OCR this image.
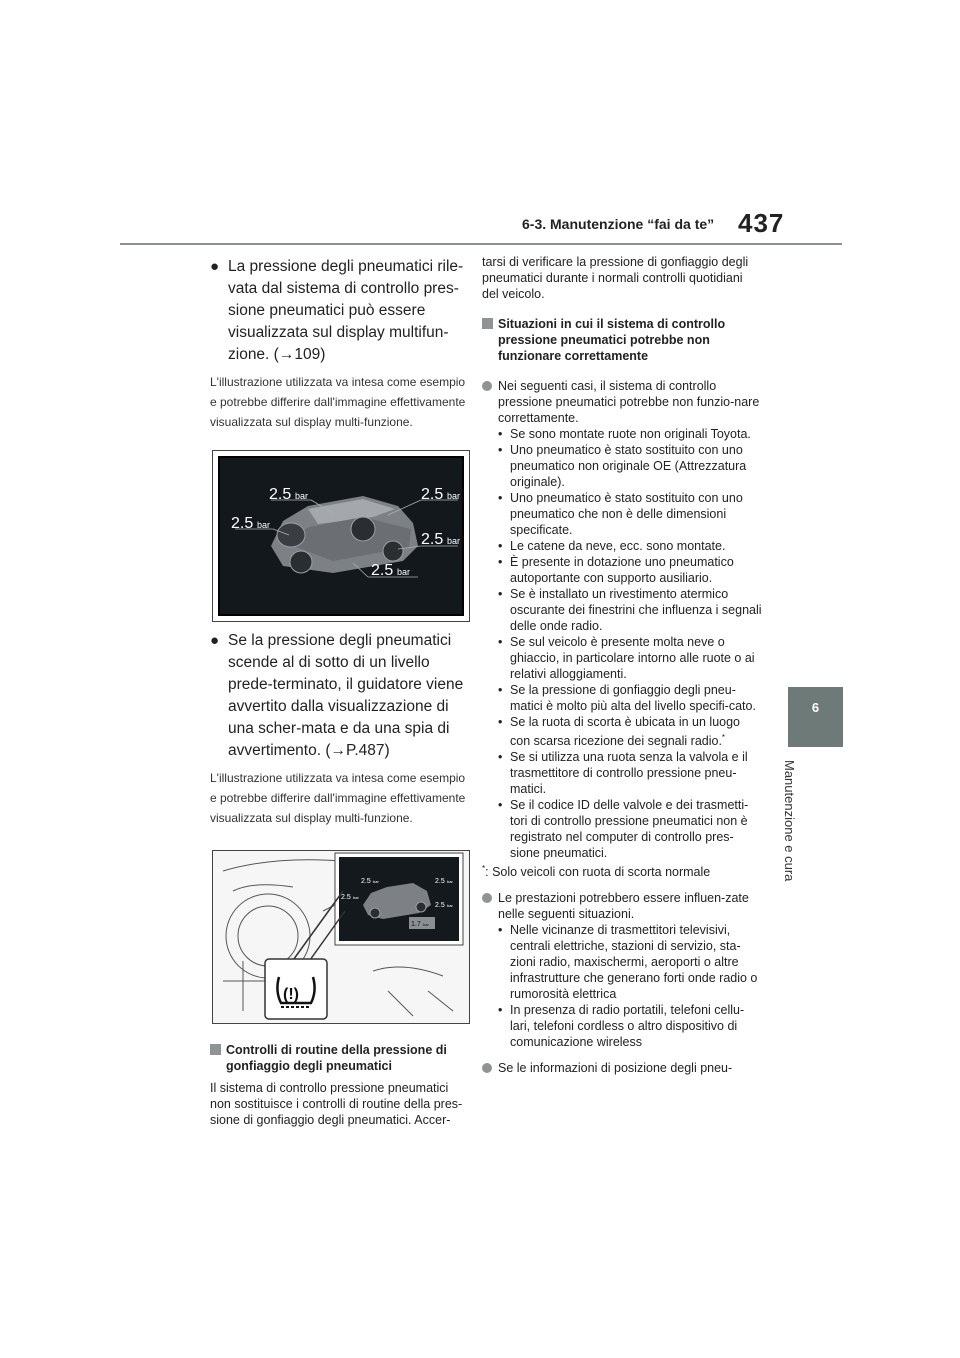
6-3. Manutenzione “fai da te” 437
6
Manutenzione e cura
● La pressione degli pneumatici rile-vata dal sistema di controllo pres-sione pneumatici può essere visualizzata sul display multifun-zione. (→109)
L'illustrazione utilizzata va intesa come esempio e potrebbe differire dall'immagine effettivamente visualizzata sul display multi-funzione.
2.5 bar
2.5 bar
2.5 bar
2.5 bar
2.5 bar
● Se la pressione degli pneumatici scende al di sotto di un livello prede-terminato, il guidatore viene avvertito dalla visualizzazione di una scher-mata e da una spia di avvertimento. (→P.487)
L'illustrazione utilizzata va intesa come esempio e potrebbe differire dall'immagine effettivamente visualizzata sul display multi-funzione.
2.5 bar
2.5 bar
2.5 bar
2.5 bar
1.7 bar
(!)
Controlli di routine della pressione di gonfiaggio degli pneumatici
Il sistema di controllo pressione pneumatici non sostituisce i controlli di routine della pres-sione di gonfiaggio degli pneumatici. Accer-
tarsi di verificare la pressione di gonfiaggio degli pneumatici durante i normali controlli quotidiani del veicolo.
Situazioni in cui il sistema di controllo pressione pneumatici potrebbe non funzionare correttamente
Nei seguenti casi, il sistema di controllo pressione pneumatici potrebbe non funzio-nare correttamente.
• Se sono montate ruote non originali Toyota.
• Uno pneumatico è stato sostituito con uno pneumatico non originale OE (Attrezzatura originale).
• Uno pneumatico è stato sostituito con uno pneumatico che non è delle dimensioni specificate.
• Le catene da neve, ecc. sono montate.
• È presente in dotazione uno pneumatico autoportante con supporto ausiliario.
• Se è installato un rivestimento atermico oscurante dei finestrini che influenza i segnali delle onde radio.
• Se sul veicolo è presente molta neve o ghiaccio, in particolare intorno alle ruote o ai relativi alloggiamenti.
• Se la pressione di gonfiaggio degli pneu-matici è molto più alta del livello specifi-cato.
• Se la ruota di scorta è ubicata in un luogo con scarsa ricezione dei segnali radio.*
• Se si utilizza una ruota senza la valvola e il trasmettitore di controllo pressione pneu-matici.
• Se il codice ID delle valvole e dei trasmetti-tori di controllo pressione pneumatici non è registrato nel computer di controllo pres-sione pneumatici.
*: Solo veicoli con ruota di scorta normale
Le prestazioni potrebbero essere influen-zate nelle seguenti situazioni.
• Nelle vicinanze di trasmettitori televisivi, centrali elettriche, stazioni di servizio, sta-zioni radio, maxischermi, aeroporti o altre infrastrutture che generano forti onde radio o rumorosità elettrica
• In presenza di radio portatili, telefoni cellu-lari, telefoni cordless o altro dispositivo di comunicazione wireless
Se le informazioni di posizione degli pneu-
